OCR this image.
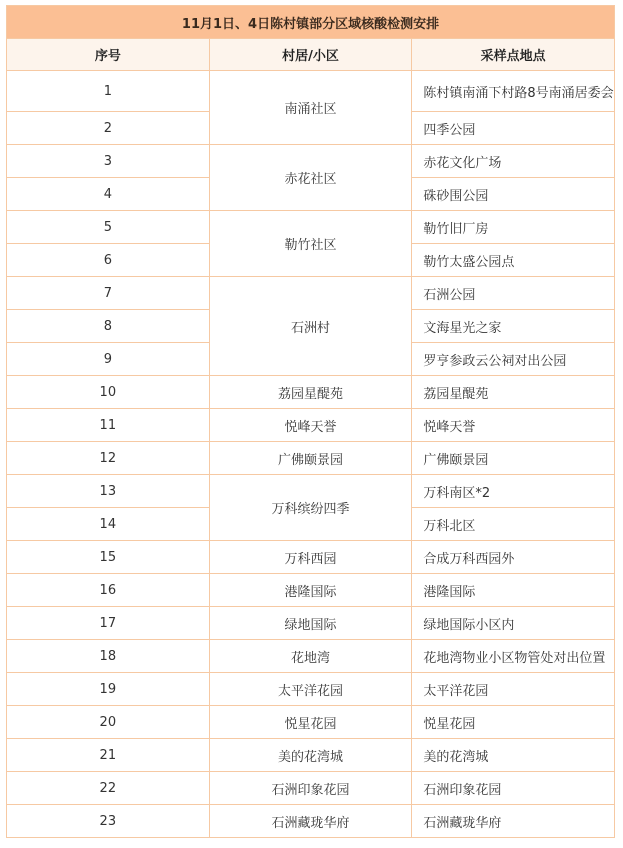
11月1日、4日陈村镇部分区域核酸检测安排		
序号	村居/小区	采样点地点
1	南涌社区	陈村镇南涌下村路8号南涌居委会
2		四季公园
3	赤花社区	赤花文化广场
4		硃砂围公园
5	勒竹社区	勒竹旧厂房
6		勒竹太盛公园点
7	石洲村	石洲公园
8		文海星光之家
9		罗亨参政云公祠对出公园
10	荔园星醍苑	荔园星醍苑
11	悦峰天誉	悦峰天誉
12	广佛颐景园	广佛颐景园
13	万科缤纷四季	万科南区*2
14		万科北区
15	万科西园	合成万科西园外
16	港隆国际	港隆国际
17	绿地国际	绿地国际小区内
18	花地湾	花地湾物业小区物管处对出位置
19	太平洋花园	太平洋花园
20	悦星花园	悦星花园
21	美的花湾城	美的花湾城
22	石洲印象花园	石洲印象花园
23	石洲藏珑华府	石洲藏珑华府
